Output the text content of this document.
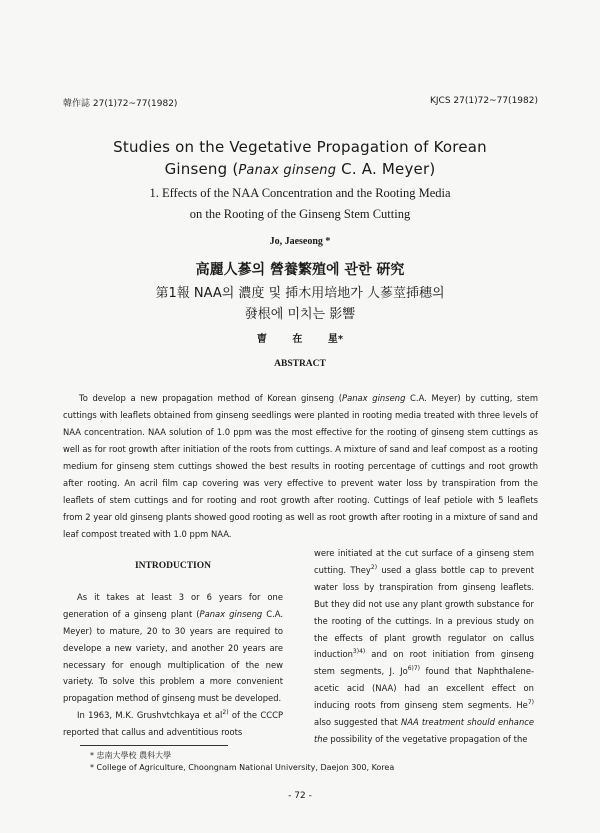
韓作誌 27(1)72~77(1982)	KJCS 27(1)72~77(1982)
Studies on the Vegetative Propagation of Korean
Ginseng (Panax ginseng C. A. Meyer)
1. Effects of the NAA Concentration and the Rooting Media
on the Rooting of the Ginseng Stem Cutting
Jo, Jaeseong *
高麗人蔘의 營養繁殖에 관한 硏究
第1報 NAA의 濃度 및 揷木用培地가 人蔘莖揷穗의
發根에 미치는 影響
曺 在 星*
ABSTRACT
To develop a new propagation method of Korean ginseng (Panax ginseng C.A. Meyer) by cutting, stem cuttings with leaflets obtained from ginseng seedlings were planted in rooting media treated with three levels of NAA concentration. NAA solution of 1.0 ppm was the most effective for the rooting of ginseng stem cuttings as well as for root growth after initiation of the roots from cuttings. A mixture of sand and leaf compost as a rooting medium for ginseng stem cuttings showed the best results in rooting percentage of cuttings and root growth after rooting. An acril film cap covering was very effective to prevent water loss by transpiration from the leaflets of stem cuttings and for rooting and root growth after rooting. Cuttings of leaf petiole with 5 leaflets from 2 year old ginseng plants showed good rooting as well as root growth after rooting in a mixture of sand and leaf compost treated with 1.0 ppm NAA.
INTRODUCTION

As it takes at least 3 or 6 years for one generation of a ginseng plant (Panax ginseng C.A. Meyer) to mature, 20 to 30 years are required to develope a new variety, and another 20 years are necessary for enough multiplication of the new variety. To solve this problem a more convenient propagation method of ginseng must be developed.

In 1963, M.K. Grushvtchkaya et $al^{2)}$ of the CCCP reported that callus and adventitious roots

were initiated at the cut surface of a ginseng stem cutting. They$^{2)}$ used a glass bottle cap to prevent water loss by transpiration from ginseng leaflets. But they did not use any plant growth substance for the rooting of the cuttings. In a previous study on the effects of plant growth regulator on callus induction$^{3)4)}$ and on root initiation from ginseng stem segments, J. $Jo^{6)7)}$ found that Naphthalene-acetic acid (NAA) had an excellent effect on inducing roots from ginseng stem segments. He$^{7)}$ also suggested that NAA treatment should enhance the possibility of the vegetative propagation of the

* 忠南大學校 農科大學
* College of Agriculture, Choongnam National University, Daejon 300, Korea
- 72 -
